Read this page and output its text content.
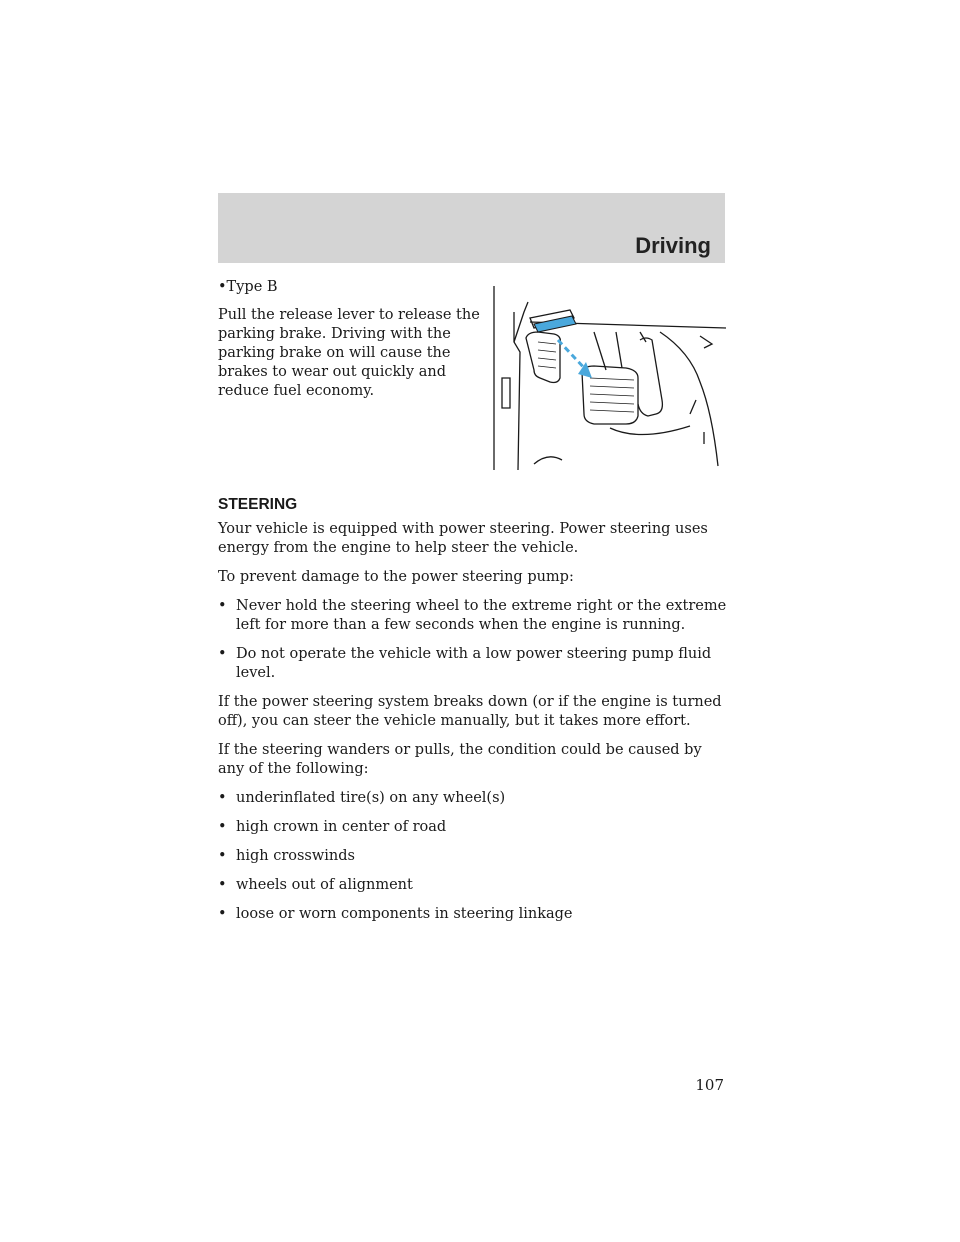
Driving
•Type B
Pull the release lever to release the parking brake. Driving with the parking brake on will cause the brakes to wear out quickly and reduce fuel economy.
STEERING

Your vehicle is equipped with power steering. Power steering uses energy from the engine to help steer the vehicle.

To prevent damage to the power steering pump:

• Never hold the steering wheel to the extreme right or the extreme left for more than a few seconds when the engine is running.
• Do not operate the vehicle with a low power steering pump fluid level.

If the power steering system breaks down (or if the engine is turned off), you can steer the vehicle manually, but it takes more effort.

If the steering wanders or pulls, the condition could be caused by any of the following:

• underinflated tire(s) on any wheel(s)
• high crown in center of road
• high crosswinds
• wheels out of alignment
• loose or worn components in steering linkage
107
